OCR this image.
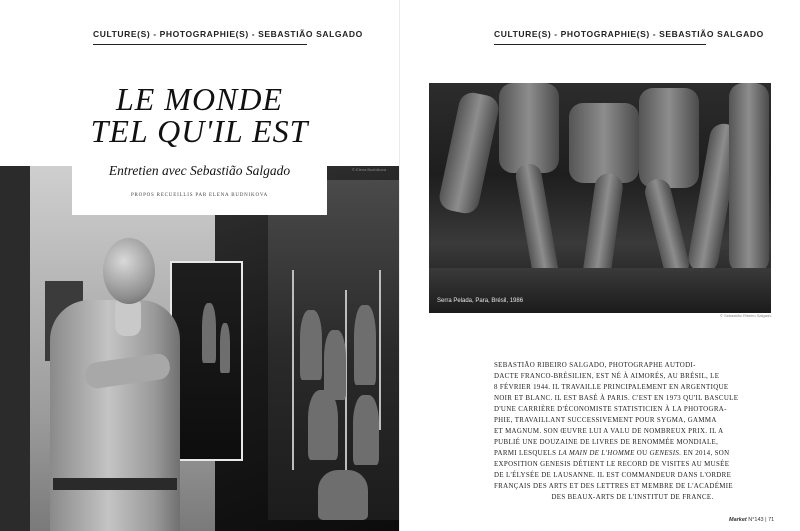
CULTURE(S) - PHOTOGRAPHIE(S) - SEBASTIÃO SALGADO
© Elena Budnikova
LE MONDE
TEL QU'IL EST
Entretien avec Sebastião Salgado
PROPOS RECUEILLIS PAR ELENA BUDNIKOVA
CULTURE(S) - PHOTOGRAPHIE(S) - SEBASTIÃO SALGADO
Serra Pelada, Para, Brésil, 1986
© Sebastião Ribeiro Salgado
SEBASTIÃO RIBEIRO SALGADO, PHOTOGRAPHE AUTODI-
DACTE FRANCO-BRÉSILIEN, EST NÉ À AIMORÉS, AU BRÉSIL, LE
8 FÉVRIER 1944. IL TRAVAILLE PRINCIPALEMENT EN ARGENTIQUE
NOIR ET BLANC. IL EST BASÉ À PARIS. C'EST EN 1973 QU'IL BASCULE
D'UNE CARRIÈRE D'ÉCONOMISTE STATISTICIEN À LA PHOTOGRA-
PHIE, TRAVAILLANT SUCCESSIVEMENT POUR SYGMA, GAMMA
ET MAGNUM. SON ŒUVRE LUI A VALU DE NOMBREUX PRIX. IL A
PUBLIÉ UNE DOUZAINE DE LIVRES DE RENOMMÉE MONDIALE,
PARMI LESQUELS LA MAIN DE L'HOMME OU GENESIS. EN 2014, SON
EXPOSITION GENESIS DÉTIENT LE RECORD DE VISITES AU MUSÉE
DE L'ÉLYSÉE DE LAUSANNE. IL EST COMMANDEUR DANS L'ORDRE
FRANÇAIS DES ARTS ET DES LETTRES ET MEMBRE DE L'ACADÉMIE
DES BEAUX-ARTS DE L'INSTITUT DE FRANCE.
Market N°143 | 71
